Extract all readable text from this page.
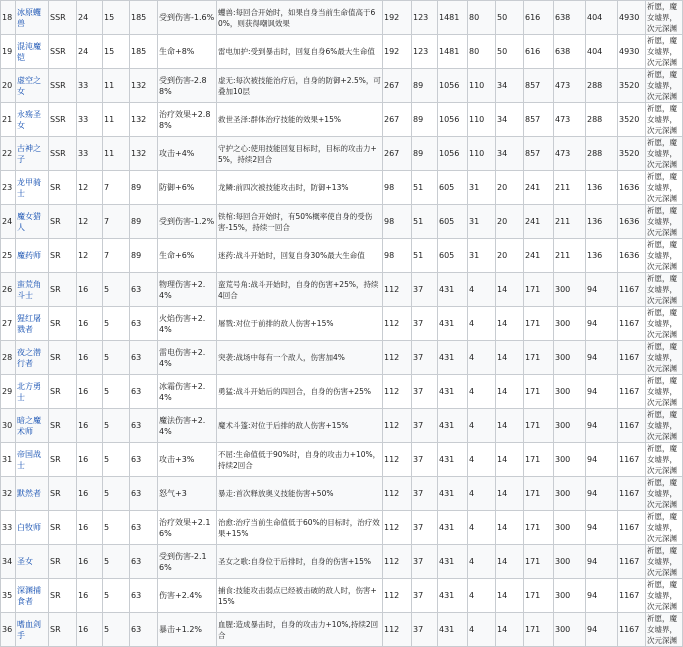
18	冰原蠼兽	SSR	24	15	185	受到伤害-1.6%	蠼兽:每回合开始时，如果自身当前生命值高于60%，则获得嘲讽效果	192	123	1481	80	50	616	638	404	4930	祈愿，魔女墟界，次元深渊
19	混沌魔铠	SSR	24	15	185	生命+8%	雷电加护:受到暴击时，回复自身6%最大生命值	192	123	1481	80	50	616	638	404	4930	祈愿，魔女墟界，次元深渊
20	虚空之女	SSR	33	11	132	受到伤害-2.88%	虚无:每次被技能治疗后，自身的防御+2.5%，可叠加10层	267	89	1056	110	34	857	473	288	3520	祈愿，魔女墟界，次元深渊
21	永殇圣女	SSR	33	11	132	治疗效果+2.88%	救世圣泽:群体治疗技能的效果+15%	267	89	1056	110	34	857	473	288	3520	祈愿，魔女墟界，次元深渊
22	古神之子	SSR	33	11	132	攻击+4%	守护之心:使用技能回复目标时，目标的攻击力+5%，持续2回合	267	89	1056	110	34	857	473	288	3520	祈愿，魔女墟界，次元深渊
23	龙甲骑士	SR	12	7	89	防御+6%	龙鳞:前四次被技能攻击时，防御+13%	98	51	605	31	20	241	211	136	1636	祈愿，魔女墟界，次元深渊
24	魔女猎人	SR	12	7	89	受到伤害-1.2%	铁棺:每回合开始时，有50%概率使自身的受伤害-15%，持续一回合	98	51	605	31	20	241	211	136	1636	祈愿，魔女墟界，次元深渊
25	魔药师	SR	12	7	89	生命+6%	迷药:战斗开始时，回复自身30%最大生命值	98	51	605	31	20	241	211	136	1636	祈愿，魔女墟界，次元深渊
26	蛮荒角斗士	SR	16	5	63	物理伤害+2.4%	蛮荒号角:战斗开始时，自身的伤害+25%，持续4回合	112	37	431	4	14	171	300	94	1167	祈愿，魔女墟界，次元深渊
27	猩红屠戮者	SR	16	5	63	火焰伤害+2.4%	屠戮:对位于前排的敌人伤害+15%	112	37	431	4	14	171	300	94	1167	祈愿，魔女墟界，次元深渊
28	夜之潜行者	SR	16	5	63	雷电伤害+2.4%	突袭:战场中每有一个敌人，伤害加4%	112	37	431	4	14	171	300	94	1167	祈愿，魔女墟界，次元深渊
29	北方勇士	SR	16	5	63	冰霜伤害+2.4%	勇猛:战斗开始后的四回合，自身的伤害+25%	112	37	431	4	14	171	300	94	1167	祈愿，魔女墟界，次元深渊
30	暗之魔术师	SR	16	5	63	魔法伤害+2.4%	魔术斗篷:对位于后排的敌人伤害+15%	112	37	431	4	14	171	300	94	1167	祈愿，魔女墟界，次元深渊
31	帝国战士	SR	16	5	63	攻击+3%	不屈:生命值低于90%时，自身的攻击力+10%，持续2回合	112	37	431	4	14	171	300	94	1167	祈愿，魔女墟界，次元深渊
32	默然者	SR	16	5	63	怒气+3	暴走:首次释放奥义技能伤害+50%	112	37	431	4	14	171	300	94	1167	祈愿，魔女墟界，次元深渊
33	白牧师	SR	16	5	63	治疗效果+2.16%	治愈:治疗当前生命值低于60%的目标时，治疗效果+15%	112	37	431	4	14	171	300	94	1167	祈愿，魔女墟界，次元深渊
34	圣女	SR	16	5	63	受到伤害-2.16%	圣女之歌:自身位于后排时，自身的伤害+15%	112	37	431	4	14	171	300	94	1167	祈愿，魔女墟界，次元深渊
35	深渊捕食者	SR	16	5	63	伤害+2.4%	捕食:技能攻击弱点已经被击破的敌人时，伤害+15%	112	37	431	4	14	171	300	94	1167	祈愿，魔女墟界，次元深渊
36	嗜血剑手	SR	16	5	63	暴击+1.2%	血腥:造成暴击时，自身的攻击力+10%,持续2回合	112	37	431	4	14	171	300	94	1167	祈愿，魔女墟界，次元深渊
